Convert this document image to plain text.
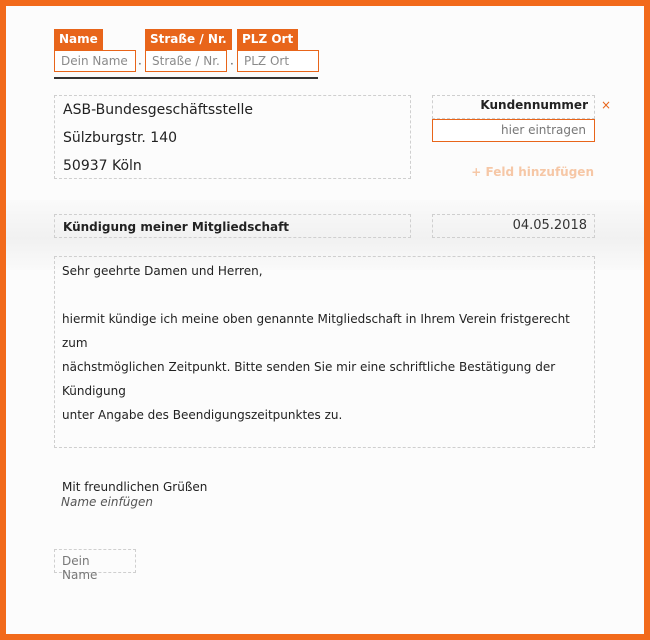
Name
Dein Name ·
Straße / Nr.
Straße / Nr. ·
PLZ Ort
PLZ Ort
ASB-Bundesgeschäftsstelle
Sülzburgstr. 140
50937 Köln
Kundennummer ×
hier eintragen
+ Feld hinzufügen
Kündigung meiner Mitgliedschaft	04.05.2018

Sehr geehrte Damen und Herren,

hiermit kündige ich meine oben genannte Mitgliedschaft in Ihrem Verein fristgerecht zum

nächstmöglichen Zeitpunkt. Bitte senden Sie mir eine schriftliche Bestätigung der Kündigung

unter Angabe des Beendigungszeitpunktes zu.

Mit freundlichen Grüßen

Name einfügen
Dein Name
